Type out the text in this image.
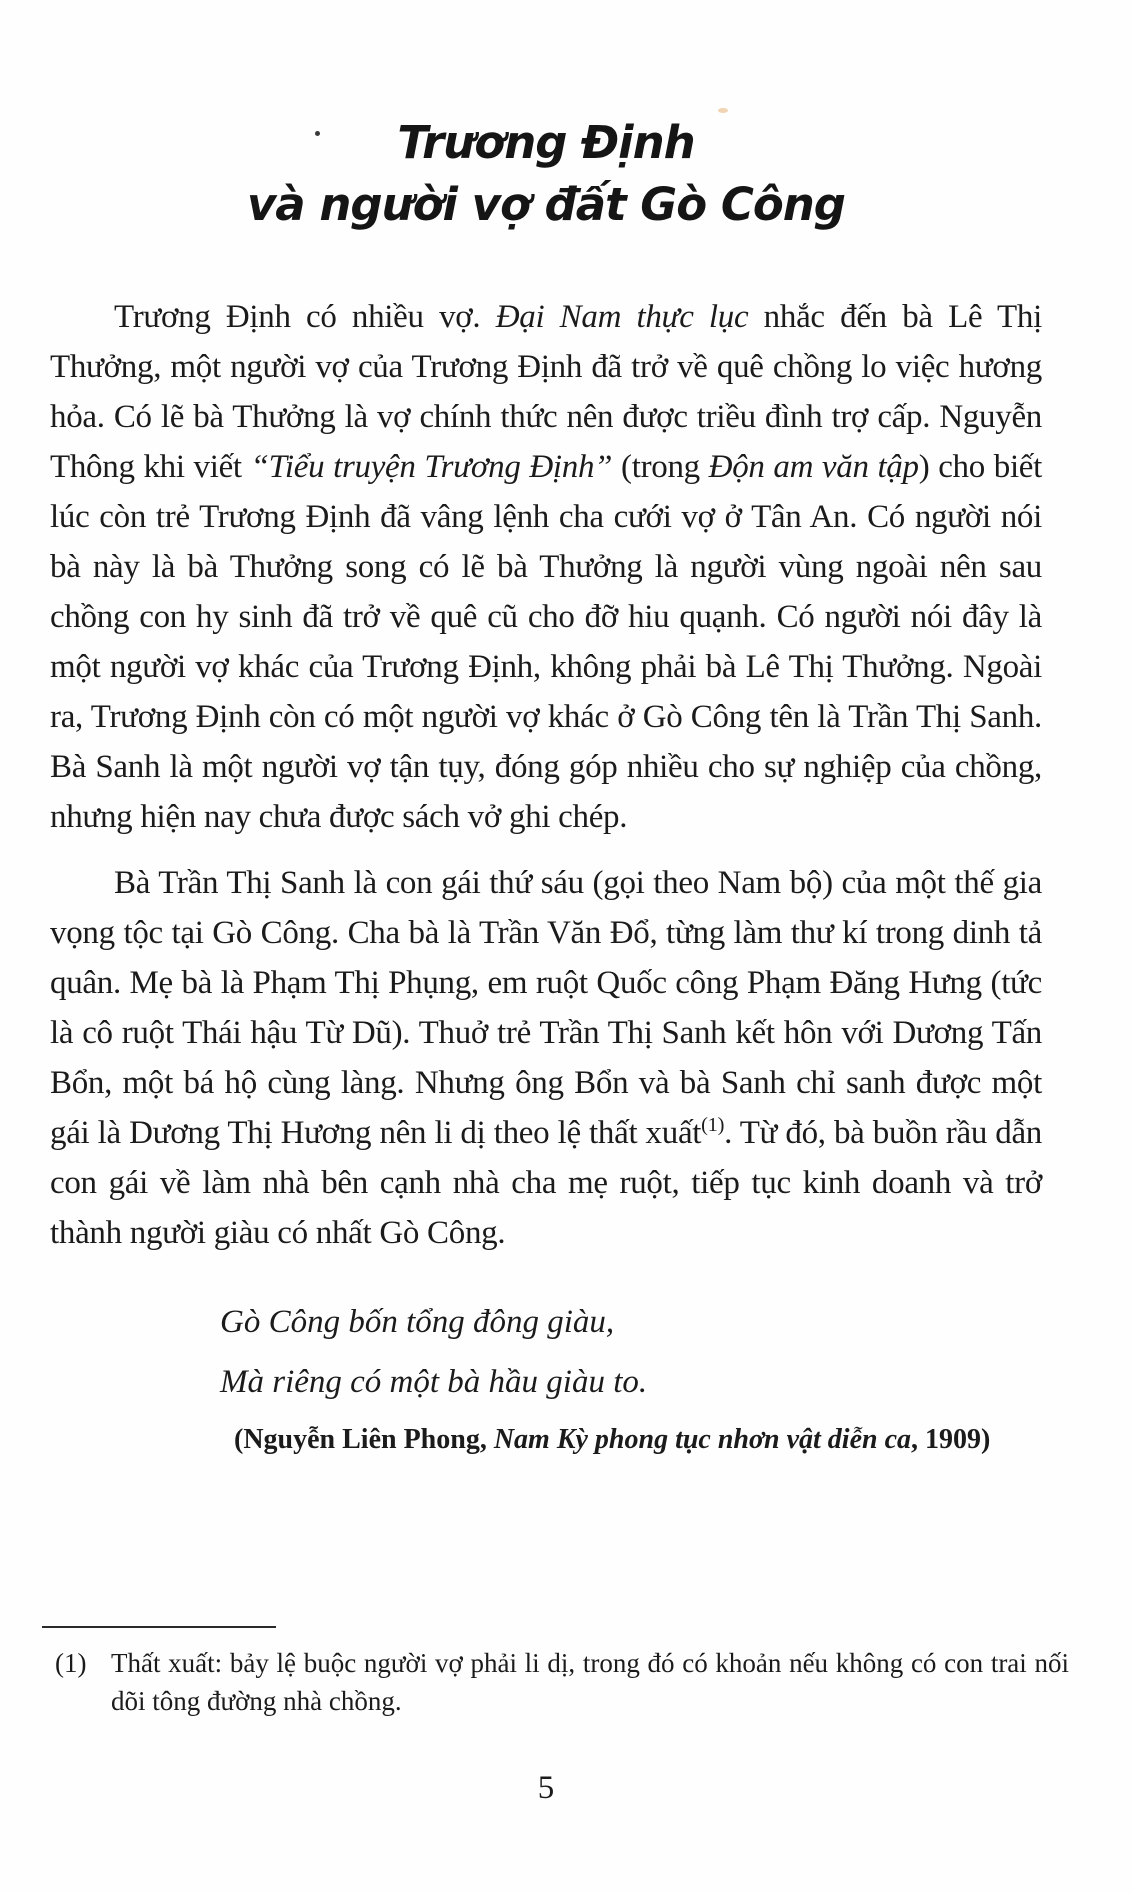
Trương Định
và người vợ đất Gò Công

Trương Định có nhiều vợ. Đại Nam thực lục nhắc đến bà Lê Thị Thưởng, một người vợ của Trương Định đã trở về quê chồng lo việc hương hỏa. Có lẽ bà Thưởng là vợ chính thức nên được triều đình trợ cấp. Nguyễn Thông khi viết “Tiểu truyện Trương Định” (trong Độn am văn tập) cho biết lúc còn trẻ Trương Định đã vâng lệnh cha cưới vợ ở Tân An. Có người nói bà này là bà Thưởng song có lẽ bà Thưởng là người vùng ngoài nên sau chồng con hy sinh đã trở về quê cũ cho đỡ hiu quạnh. Có người nói đây là một người vợ khác của Trương Định, không phải bà Lê Thị Thưởng. Ngoài ra, Trương Định còn có một người vợ khác ở Gò Công tên là Trần Thị Sanh. Bà Sanh là một người vợ tận tụy, đóng góp nhiều cho sự nghiệp của chồng, nhưng hiện nay chưa được sách vở ghi chép.

Bà Trần Thị Sanh là con gái thứ sáu (gọi theo Nam bộ) của một thế gia vọng tộc tại Gò Công. Cha bà là Trần Văn Đổ, từng làm thư kí trong dinh tả quân. Mẹ bà là Phạm Thị Phụng, em ruột Quốc công Phạm Đăng Hưng (tức là cô ruột Thái hậu Từ Dũ). Thuở trẻ Trần Thị Sanh kết hôn với Dương Tấn Bổn, một bá hộ cùng làng. Nhưng ông Bổn và bà Sanh chỉ sanh được một gái là Dương Thị Hương nên li dị theo lệ thất xuất$^{(1)}$. Từ đó, bà buồn rầu dẫn con gái về làm nhà bên cạnh nhà cha mẹ ruột, tiếp tục kinh doanh và trở thành người giàu có nhất Gò Công.

Gò Công bốn tổng đông giàu,
Mà riêng có một bà hầu giàu to.
(Nguyễn Liên Phong, Nam Kỳ phong tục nhơn vật diễn ca, 1909)
(1) Thất xuất: bảy lệ buộc người vợ phải li dị, trong đó có khoản nếu không có con trai nối dõi tông đường nhà chồng.
5
